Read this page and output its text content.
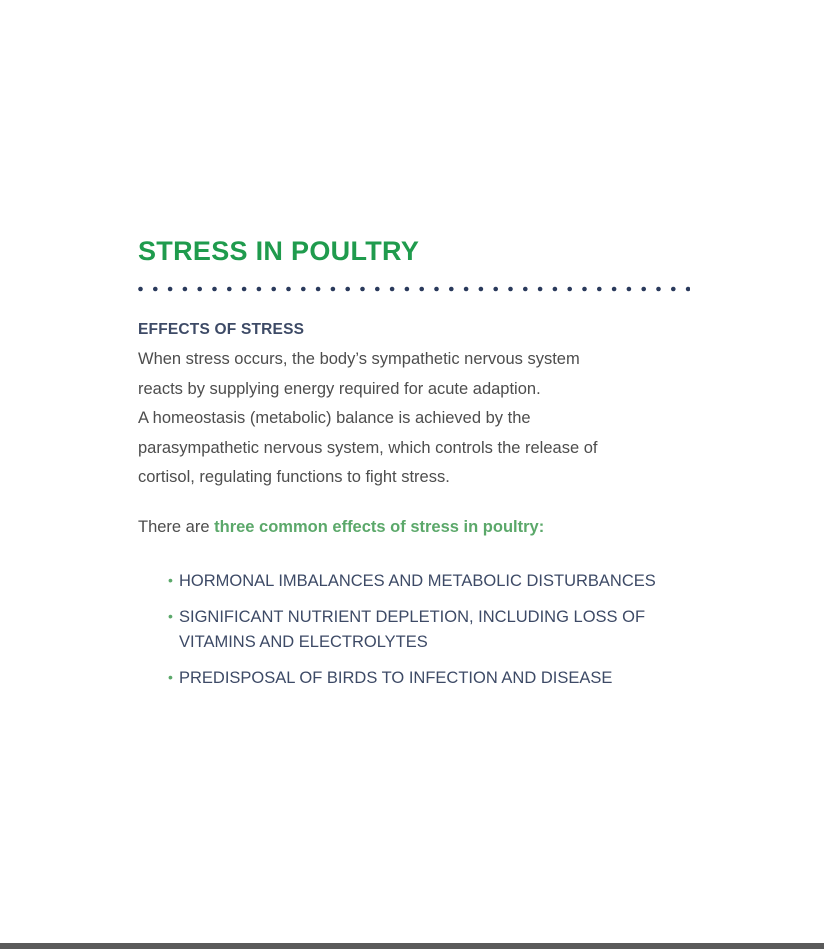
STRESS IN POULTRY
EFFECTS OF STRESS

When stress occurs, the body’s sympathetic nervous system
reacts by supplying energy required for acute adaption.

A homeostasis (metabolic) balance is achieved by the
parasympathetic nervous system, which controls the release of
cortisol, regulating functions to fight stress.

There are three common effects of stress in poultry:

• HORMONAL IMBALANCES AND METABOLIC DISTURBANCES
• SIGNIFICANT NUTRIENT DEPLETION, INCLUDING LOSS OF
VITAMINS AND ELECTROLYTES
• PREDISPOSAL OF BIRDS TO INFECTION AND DISEASE
